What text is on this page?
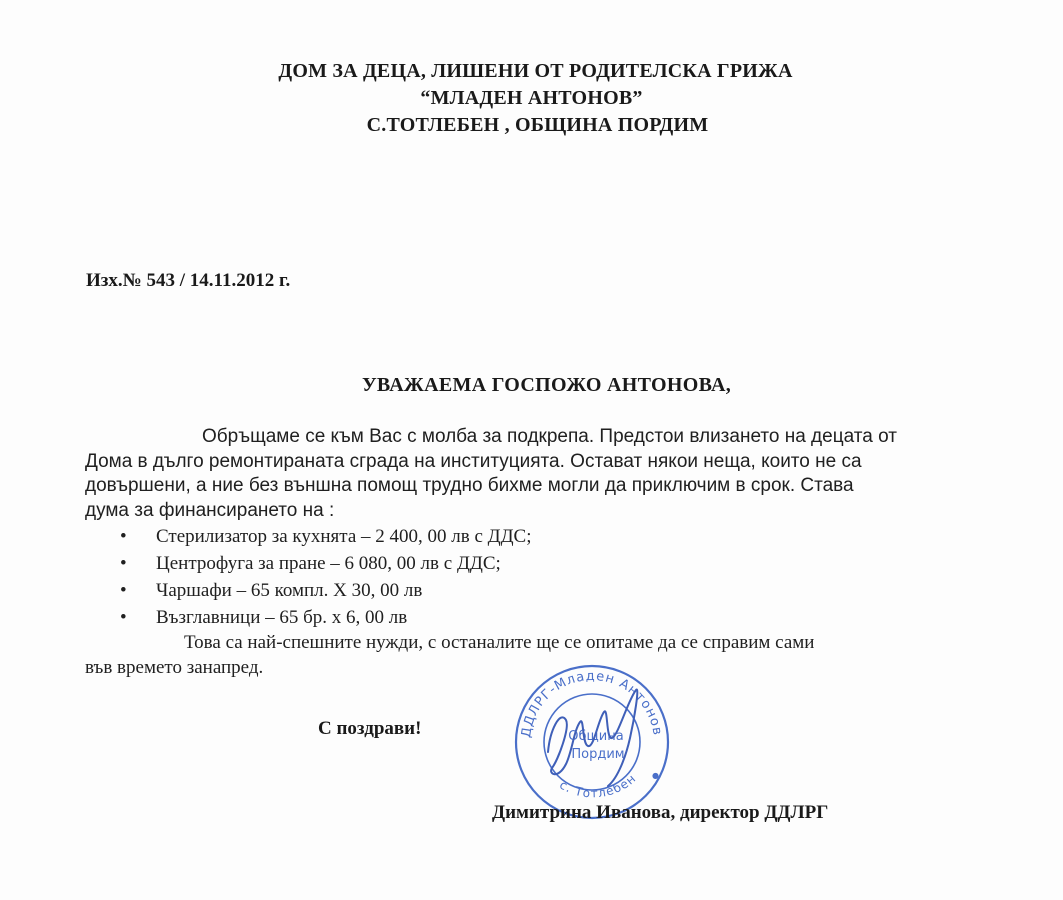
ДОМ ЗА ДЕЦА, ЛИШЕНИ ОТ РОДИТЕЛСКА ГРИЖА
“МЛАДЕН АНТОНОВ”
С.ТОТЛЕБЕН , ОБЩИНА ПОРДИМ
Изх.№ 543 / 14.11.2012 г.
УВАЖАЕМА ГОСПОЖО АНТОНОВА,
Обръщаме се към Вас с молба за подкрепа. Предстои влизането на децата от
Дома в дълго ремонтираната сграда на институцията. Остават някои неща, които не са
довършени, а ние без външна помощ трудно бихме могли да приключим в срок. Става
дума за финансирането на :
• Стерилизатор за кухнята – 2 400, 00 лв с ДДС;
• Центрофуга за пране – 6 080, 00 лв с ДДС;
• Чаршафи – 65 компл. Х 30, 00 лв
• Възглавници – 65 бр. х 6, 00 лв
Това са най-спешните нужди, с останалите ще се опитаме да се справим сами
във времето занапред.
С поздрави!	ДДЛРГ-Младен Антонов
с. Тотлебен
Община
Пордим
●
Димитрина Иванова, директор ДДЛРГ
